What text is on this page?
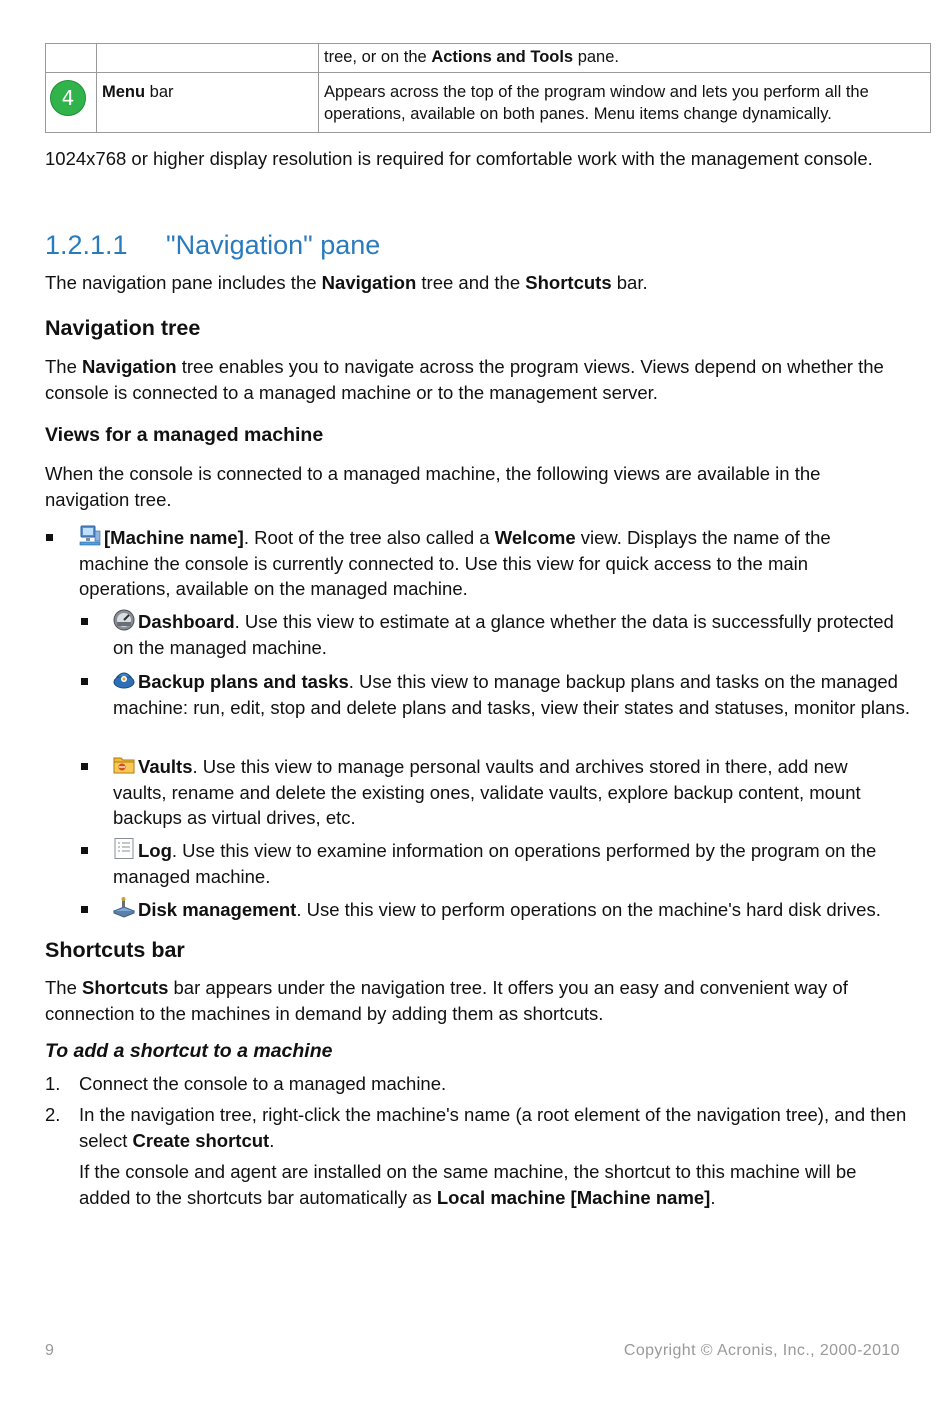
		tree, or on the Actions and Tools pane.
4	Menu bar	Appears across the top of the program window and lets you perform all the operations, available on both panes. Menu items change dynamically.
1024x768 or higher display resolution is required for comfortable work with the management console.
1.2.1.1 "Navigation" pane
The navigation pane includes the Navigation tree and the Shortcuts bar.
Navigation tree
The Navigation tree enables you to navigate across the program views. Views depend on whether the console is connected to a managed machine or to the management server.
Views for a managed machine
When the console is connected to a managed machine, the following views are available in the navigation tree.
[Machine name]. Root of the tree also called a Welcome view. Displays the name of the machine the console is currently connected to. Use this view for quick access to the main operations, available on the managed machine.
Dashboard. Use this view to estimate at a glance whether the data is successfully protected on the managed machine.
Backup plans and tasks. Use this view to manage backup plans and tasks on the managed machine: run, edit, stop and delete plans and tasks, view their states and statuses, monitor plans.
Vaults. Use this view to manage personal vaults and archives stored in there, add new vaults, rename and delete the existing ones, validate vaults, explore backup content, mount backups as virtual drives, etc.
Log. Use this view to examine information on operations performed by the program on the managed machine.
Disk management. Use this view to perform operations on the machine's hard disk drives.
Shortcuts bar
The Shortcuts bar appears under the navigation tree. It offers you an easy and convenient way of connection to the machines in demand by adding them as shortcuts.
To add a shortcut to a machine
1. Connect the console to a managed machine.
2. In the navigation tree, right-click the machine's name (a root element of the navigation tree), and then select Create shortcut.
If the console and agent are installed on the same machine, the shortcut to this machine will be added to the shortcuts bar automatically as Local machine [Machine name].
9	Copyright © Acronis, Inc., 2000-2010
